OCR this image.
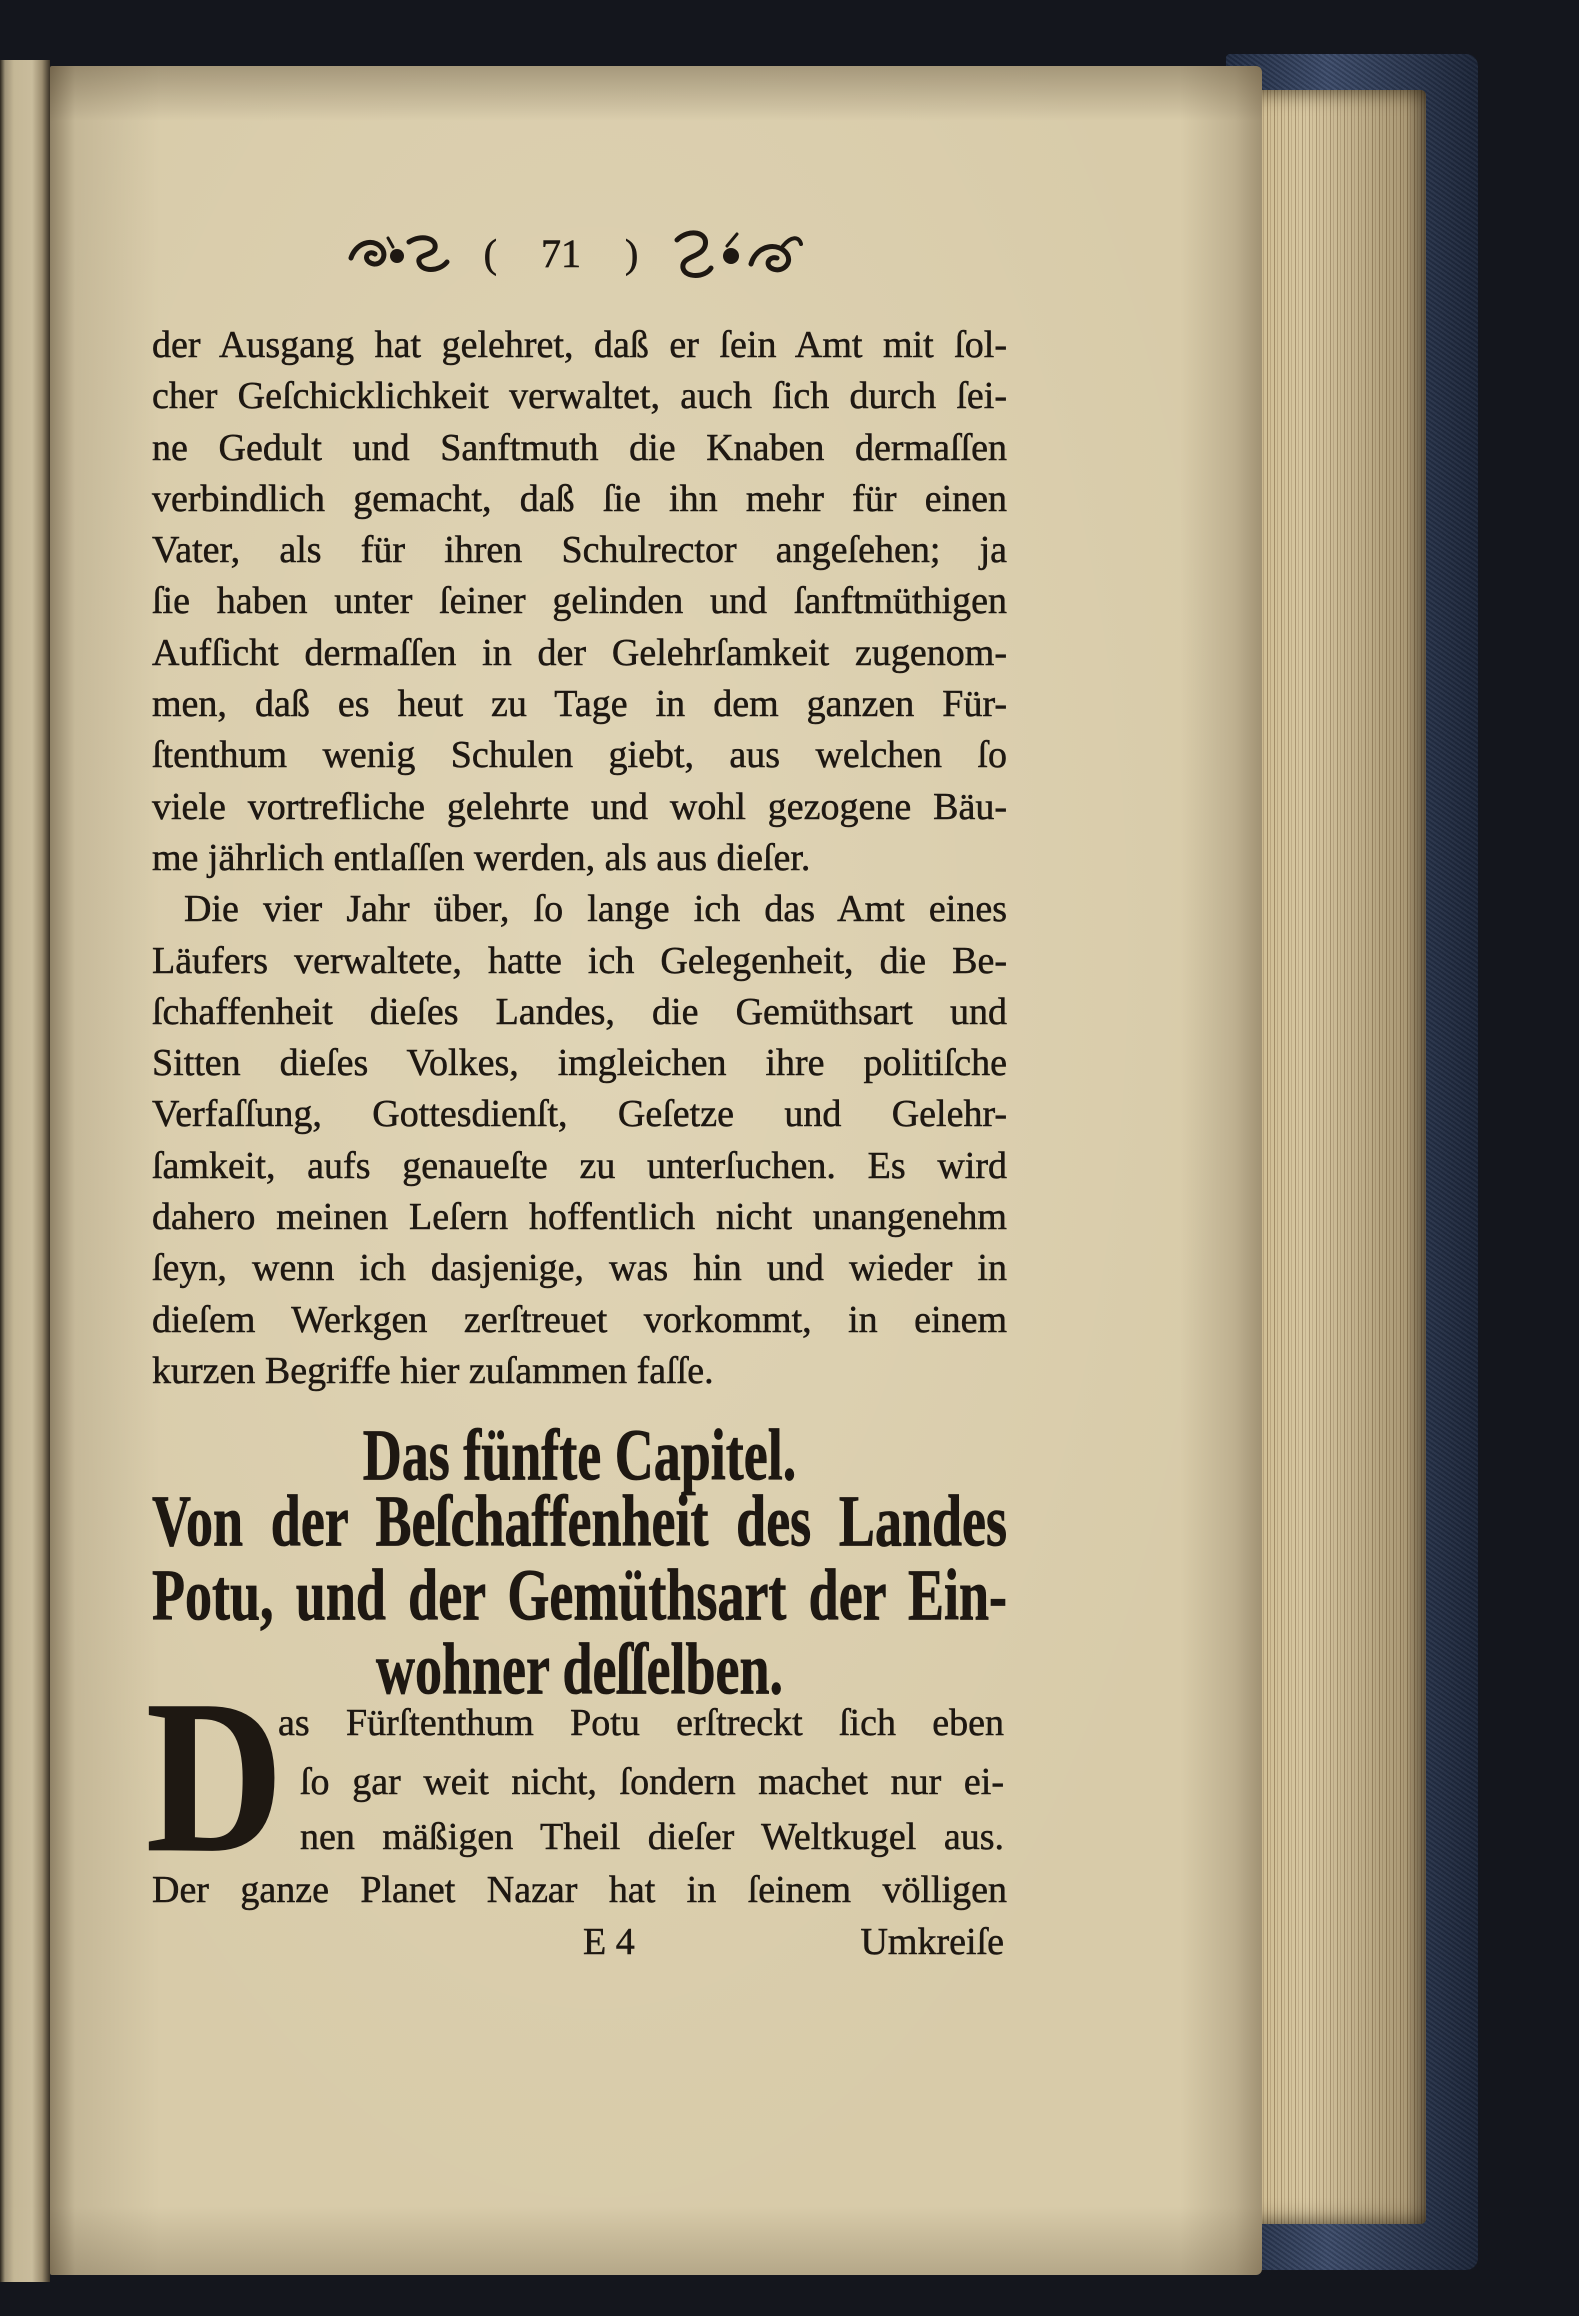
( 71 )
der Ausgang hat gelehret, daß er ſein Amt mit ſol-
cher Geſchicklichkeit verwaltet, auch ſich durch ſei-
ne Gedult und Sanftmuth die Knaben dermaſſen
verbindlich gemacht, daß ſie ihn mehr für einen
Vater, als für ihren Schulrector angeſehen; ja
ſie haben unter ſeiner gelinden und ſanftmüthigen
Aufſicht dermaſſen in der Gelehrſamkeit zugenom-
men, daß es heut zu Tage in dem ganzen Für-
ſtenthum wenig Schulen giebt, aus welchen ſo
viele vortrefliche gelehrte und wohl gezogene Bäu-
me jährlich entlaſſen werden, als aus dieſer.
Die vier Jahr über, ſo lange ich das Amt eines
Läufers verwaltete, hatte ich Gelegenheit, die Be-
ſchaffenheit dieſes Landes, die Gemüthsart und
Sitten dieſes Volkes, imgleichen ihre politiſche
Verfaſſung, Gottesdienſt, Geſetze und Gelehr-
ſamkeit, aufs genaueſte zu unterſuchen. Es wird
dahero meinen Leſern hoffentlich nicht unangenehm
ſeyn, wenn ich dasjenige, was hin und wieder in
dieſem Werkgen zerſtreuet vorkommt, in einem
kurzen Begriffe hier zuſammen faſſe.
Das fünfte Capitel.
Von der Beſchaffenheit des Landes
Potu, und der Gemüthsart der Ein-
wohner deſſelben.
D
as Fürſtenthum Potu erſtreckt ſich eben
ſo gar weit nicht, ſondern machet nur ei-
nen mäßigen Theil dieſer Weltkugel aus.
Der ganze Planet Nazar hat in ſeinem völligen
E 4	Umkreiſe
